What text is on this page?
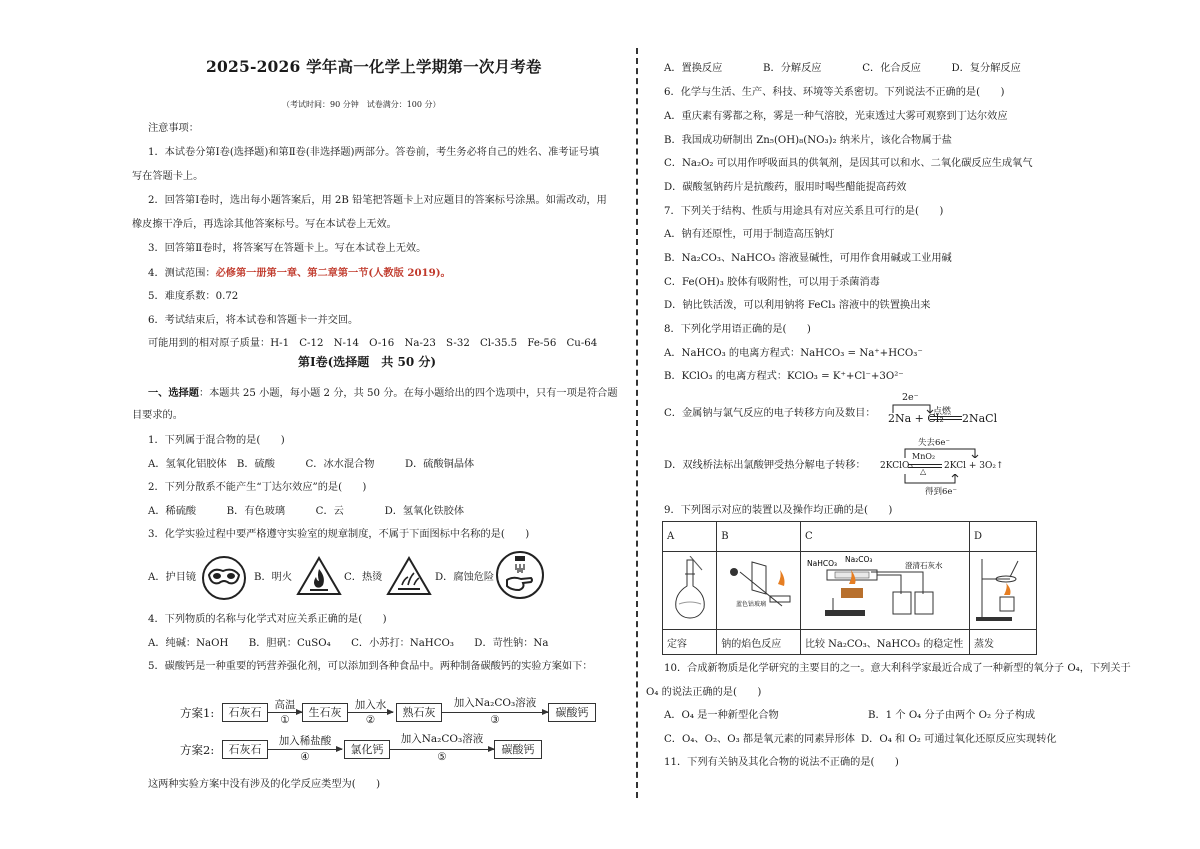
2025-2026 学年高一化学上学期第一次月考卷
（考试时间：90 分钟　试卷满分：100 分）
注意事项：
1．本试卷分第Ⅰ卷(选择题)和第Ⅱ卷(非选择题)两部分。答卷前，考生务必将自己的姓名、准考证号填
写在答题卡上。
2．回答第Ⅰ卷时，选出每小题答案后，用 2B 铅笔把答题卡上对应题目的答案标号涂黑。如需改动，用
橡皮擦干净后，再选涂其他答案标号。写在本试卷上无效。
3．回答第Ⅱ卷时，将答案写在答题卡上。写在本试卷上无效。
4．测试范围：必修第一册第一章、第二章第一节(人教版 2019)。
5．难度系数：0.72
6．考试结束后，将本试卷和答题卡一并交回。
可能用到的相对原子质量：H-1　C-12　N-14　O-16　Na-23　S-32　Cl-35.5　Fe-56　Cu-64
第Ⅰ卷(选择题　共 50 分)
一、选择题：本题共 25 小题，每小题 2 分，共 50 分。在每小题给出的四个选项中，只有一项是符合题
目要求的。
1．下列属于混合物的是(　　)
A．氢氧化铝胶体　B．硫酸　　　C．冰水混合物　　　D．硫酸铜晶体
2．下列分散系不能产生“丁达尔效应”的是(　　)
A．稀硫酸　　　B．有色玻璃　　　C．云　　　　D．氢氧化铁胶体
3．化学实验过程中要严格遵守实验室的规章制度，不属于下面图标中名称的是(　　)
A．护目镜	B．明火	C．热烫	D．腐蚀危险
4．下列物质的名称与化学式对应关系正确的是(　　)
A．纯碱：NaOH　　B．胆矾：CuSO₄　　C．小苏打：NaHCO₃　　D．苛性钠：Na
5．碳酸钙是一种重要的钙营养强化剂，可以添加到各种食品中。两种制备碳酸钙的实验方案如下：
方案1:	石灰石
高温
①
生石灰
加入水
②
熟石灰
加入Na₂CO₃溶液
③
碳酸钙
方案2:	石灰石
加入稀盐酸
④
氯化钙
加入Na₂CO₃溶液
⑤
碳酸钙
这两种实验方案中没有涉及的化学反应类型为(　　)
A．置换反应　　　　B．分解反应　　　　C．化合反应　　　D．复分解反应
6．化学与生活、生产、科技、环境等关系密切。下列说法不正确的是(　　)
A．重庆素有雾都之称，雾是一种气溶胶，光束透过大雾可观察到丁达尔效应
B．我国成功研制出 Zn₅(OH)₈(NO₃)₂ 纳米片，该化合物属于盐
C．Na₂O₂ 可以用作呼吸面具的供氧剂，是因其可以和水、二氧化碳反应生成氧气
D．碳酸氢钠药片是抗酸药，服用时喝些醋能提高药效
7．下列关于结构、性质与用途具有对应关系且可行的是(　　)
A．钠有还原性，可用于制造高压钠灯
B．Na₂CO₃、NaHCO₃ 溶液显碱性，可用作食用碱或工业用碱
C．Fe(OH)₃ 胶体有吸附性，可以用于杀菌消毒
D．钠比铁活泼，可以利用钠将 FeCl₃ 溶液中的铁置换出来
8．下列化学用语正确的是(　　)
A．NaHCO₃ 的电离方程式：NaHCO₃ = Na⁺+HCO₃⁻
B．KClO₃ 的电离方程式：KClO₃ = K⁺+Cl⁻+3O²⁻
C．金属钠与氯气反应的电子转移方向及数目：
2e⁻
2Na + Cl₂
点燃 2NaCl
D．双线桥法标出氯酸钾受热分解电子转移：
失去6e⁻
2KClO₃
MnO₂
△
2KCl + 3O₂↑
得到6e⁻
9．下列图示对应的装置以及操作均正确的是(　　)
A	B	C	D

蓝色钴玻璃	NaHCO₃ Na₂CO₃
澄清石灰水

定容	钠的焰色反应	比较 Na₂CO₃、NaHCO₃ 的稳定性	蒸发
10．合成新物质是化学研究的主要目的之一。意大利科学家最近合成了一种新型的氧分子 O₄，下列关于
O₄ 的说法正确的是(　　)
A．O₄ 是一种新型化合物	B．1 个 O₄ 分子由两个 O₂ 分子构成
C．O₄、O₂、O₃ 都是氧元素的同素异形体 D．O₄ 和 O₂ 可通过氧化还原反应实现转化
11．下列有关钠及其化合物的说法不正确的是(　　)
